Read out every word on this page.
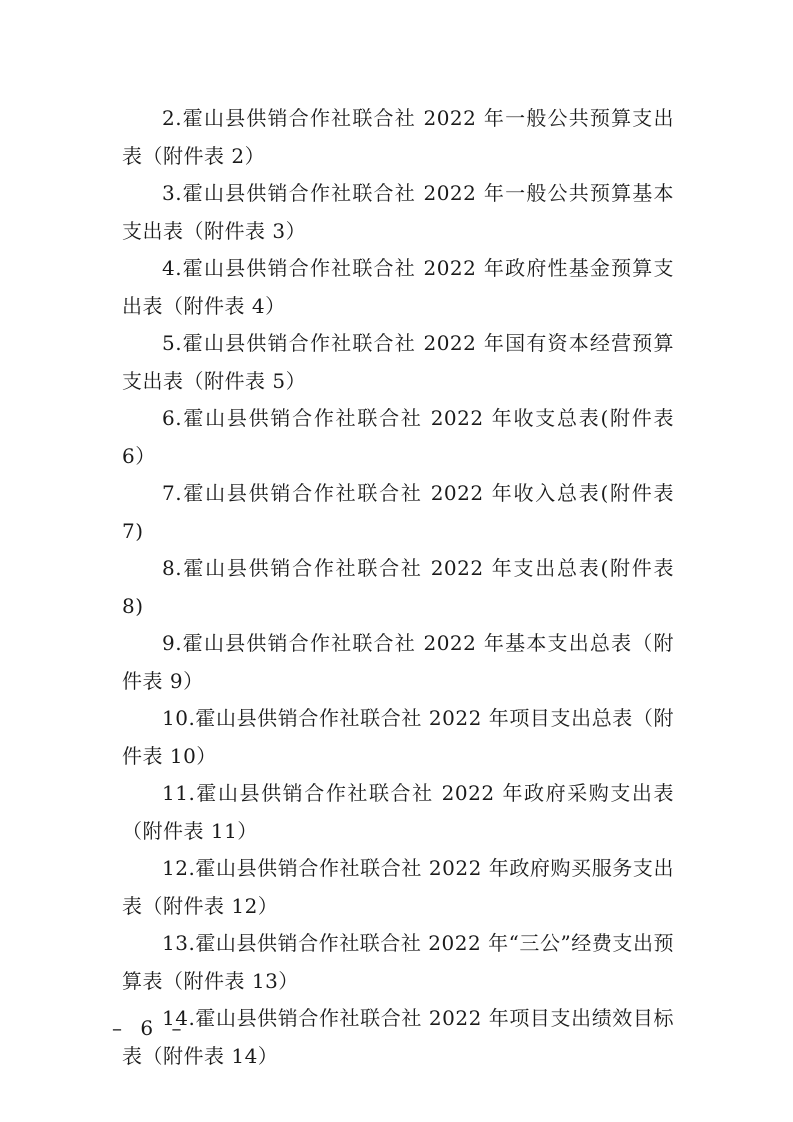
2.霍山县供销合作社联合社 2022 年一般公共预算支出表（附件表 2）

3.霍山县供销合作社联合社 2022 年一般公共预算基本支出表（附件表 3）

4.霍山县供销合作社联合社 2022 年政府性基金预算支出表（附件表 4）

5.霍山县供销合作社联合社 2022 年国有资本经营预算支出表（附件表 5）

6.霍山县供销合作社联合社 2022 年收支总表(附件表 6）

7.霍山县供销合作社联合社 2022 年收入总表(附件表 7)

8.霍山县供销合作社联合社 2022 年支出总表(附件表 8)

9.霍山县供销合作社联合社 2022 年基本支出总表（附件表 9）

10.霍山县供销合作社联合社 2022 年项目支出总表（附件表 10）

11.霍山县供销合作社联合社 2022 年政府采购支出表（附件表 11）

12.霍山县供销合作社联合社 2022 年政府购买服务支出表（附件表 12）

13.霍山县供销合作社联合社 2022 年“三公”经费支出预算表（附件表 13）

14.霍山县供销合作社联合社 2022 年项目支出绩效目标表（附件表 14）

– 6 –
